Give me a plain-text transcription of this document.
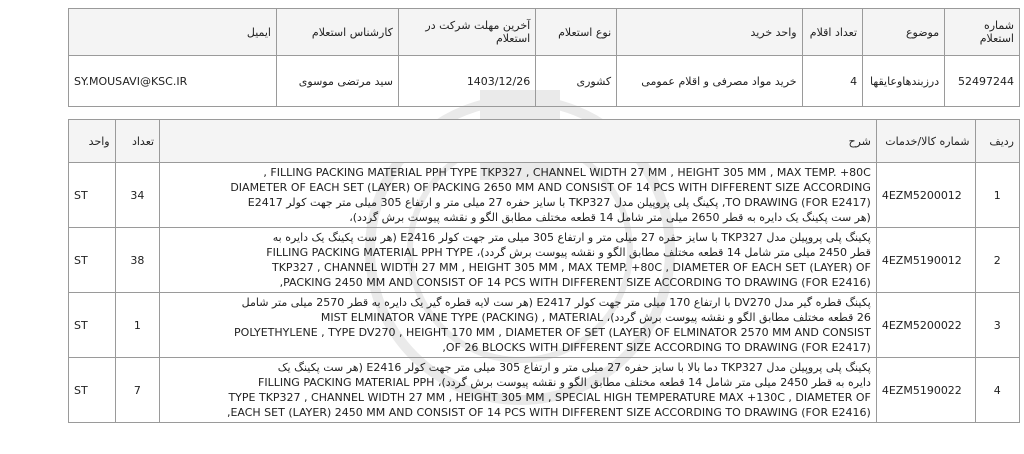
ایمیل	کارشناس استعلام	آخرین مهلت شرکت در استعلام	نوع استعلام	واحد خرید	تعداد اقلام	موضوع	شماره استعلام
SY.MOUSAVI@KSC.IR	سید مرتضی موسوی	1403/12/26	کشوری	خرید مواد مصرفی و اقلام عمومی	4	درزبندهاوعایقها	52497244
واحد	تعداد	شرح	شماره کالا/خدمات	ردیف
ST	34	FILLING PACKING MATERIAL PPH TYPE TKP327 , CHANNEL WIDTH 27 MM , HEIGHT 305 MM , MAX TEMP. +80C ,
DIAMETER OF EACH SET (LAYER) OF PACKING 2650 MM AND CONSIST OF 14 PCS WITH DIFFERENT SIZE ACCORDING
TO DRAWING (FOR E2417), پکینگ پلی پروپیلن مدل TKP327 با سایز حفره 27 میلی متر و ارتفاع 305 میلی متر جهت کولر E2417
(هر ست پکینگ یک دایره به قطر 2650 میلی متر شامل 14 قطعه مختلف مطابق الگو و نقشه پیوست برش گردد)،	4EZM5200012	1
ST	38	پکینگ پلی پروپیلن مدل TKP327 با سایز حفره 27 میلی متر و ارتفاع 305 میلی متر جهت کولر E2416 (هر ست پکینگ یک دایره به
قطر 2450 میلی متر شامل 14 قطعه مختلف مطابق الگو و نقشه پیوست برش گردد)، FILLING PACKING MATERIAL PPH TYPE
TKP327 , CHANNEL WIDTH 27 MM , HEIGHT 305 MM , MAX TEMP. +80C , DIAMETER OF EACH SET (LAYER) OF
PACKING 2450 MM AND CONSIST OF 14 PCS WITH DIFFERENT SIZE ACCORDING TO DRAWING (FOR E2416),	4EZM5190012	2
ST	1	پکینگ قطره گیر مدل DV270 با ارتفاع 170 میلی متر جهت کولر E2417 (هر ست لایه قطره گیر یک دایره به قطر 2570 میلی متر شامل
26 قطعه مختلف مطابق الگو و نقشه پیوست برش گردد)، MIST ELMINATOR VANE TYPE (PACKING) , MATERIAL
POLYETHYLENE , TYPE DV270 , HEIGHT 170 MM , DIAMETER OF SET (LAYER) OF ELMINATOR 2570 MM AND CONSIST
OF 26 BLOCKS WITH DIFFERENT SIZE ACCORDING TO DRAWING (FOR E2417),	4EZM5200022	3
ST	7	پکینگ پلی پروپیلن مدل TKP327 دما بالا با سایز حفره 27 میلی متر و ارتفاع 305 میلی متر جهت کولر E2416 (هر ست پکینگ یک
دایره به قطر 2450 میلی متر شامل 14 قطعه مختلف مطابق الگو و نقشه پیوست برش گردد)، FILLING PACKING MATERIAL PPH
TYPE TKP327 , CHANNEL WIDTH 27 MM , HEIGHT 305 MM , SPECIAL HIGH TEMPERATURE MAX +130C , DIAMETER OF
EACH SET (LAYER) 2450 MM AND CONSIST OF 14 PCS WITH DIFFERENT SIZE ACCORDING TO DRAWING (FOR E2416),	4EZM5190022	4
